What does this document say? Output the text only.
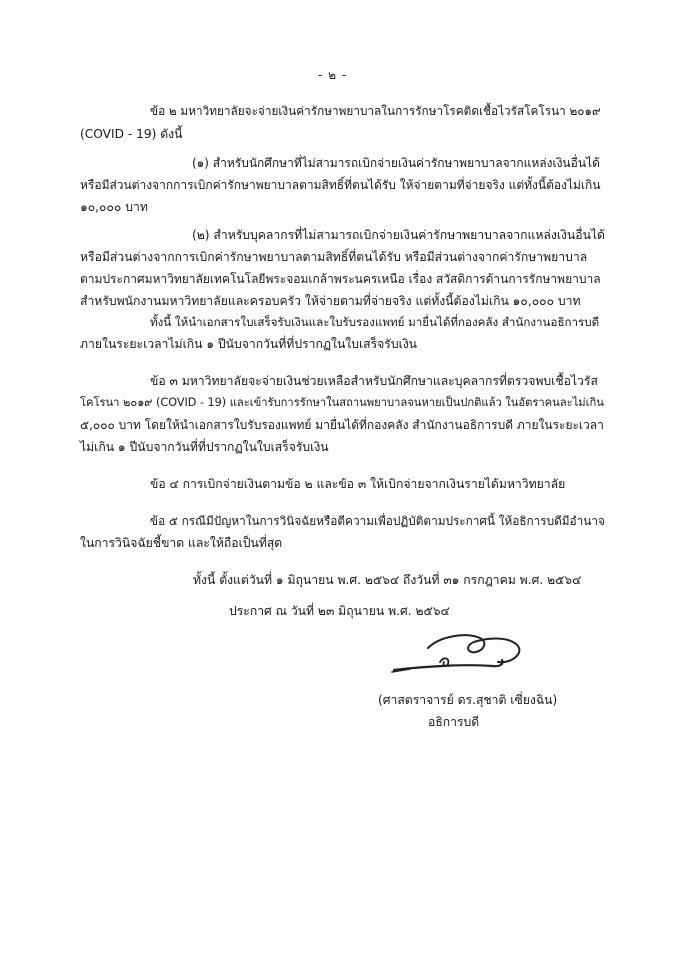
- ๒ -
ข้อ ๒ มหาวิทยาลัยจะจ่ายเงินค่ารักษาพยาบาลในการรักษาโรคติดเชื้อไวรัสโคโรนา ๒๐๑๙
(COVID - 19) ดังนี้
(๑) สำหรับนักศึกษาที่ไม่สามารถเบิกจ่ายเงินค่ารักษาพยาบาลจากแหล่งเงินอื่นได้
หรือมีส่วนต่างจากการเบิกค่ารักษาพยาบาลตามสิทธิ์ที่ตนได้รับ ให้จ่ายตามที่จ่ายจริง แต่ทั้งนี้ต้องไม่เกิน
๑๐,๐๐๐ บาท
(๒) สำหรับบุคลากรที่ไม่สามารถเบิกจ่ายเงินค่ารักษาพยาบาลจากแหล่งเงินอื่นได้
หรือมีส่วนต่างจากการเบิกค่ารักษาพยาบาลตามสิทธิ์ที่ตนได้รับ หรือมีส่วนต่างจากค่ารักษาพยาบาล
ตามประกาศมหาวิทยาลัยเทคโนโลยีพระจอมเกล้าพระนครเหนือ เรื่อง สวัสดิการด้านการรักษาพยาบาล
สำหรับพนักงานมหาวิทยาลัยและครอบครัว ให้จ่ายตามที่จ่ายจริง แต่ทั้งนี้ต้องไม่เกิน ๑๐,๐๐๐ บาท
ทั้งนี้ ให้นำเอกสารใบเสร็จรับเงินและใบรับรองแพทย์ มายื่นได้ที่กองคลัง สำนักงานอธิการบดี
ภายในระยะเวลาไม่เกิน ๑ ปีนับจากวันที่ที่ปรากฏในใบเสร็จรับเงิน
ข้อ ๓ มหาวิทยาลัยจะจ่ายเงินช่วยเหลือสำหรับนักศึกษาและบุคลากรที่ตรวจพบเชื้อไวรัส
โคโรนา ๒๐๑๙ (COVID - 19) และเข้ารับการรักษาในสถานพยาบาลจนหายเป็นปกติแล้ว ในอัตราคนละไม่เกิน
๕,๐๐๐ บาท โดยให้นำเอกสารใบรับรองแพทย์ มายื่นได้ที่กองคลัง สำนักงานอธิการบดี ภายในระยะเวลา
ไม่เกิน ๑ ปีนับจากวันที่ที่ปรากฏในใบเสร็จรับเงิน
ข้อ ๔ การเบิกจ่ายเงินตามข้อ ๒ และข้อ ๓ ให้เบิกจ่ายจากเงินรายได้มหาวิทยาลัย
ข้อ ๕ กรณีมีปัญหาในการวินิจฉัยหรือตีความเพื่อปฏิบัติตามประกาศนี้ ให้อธิการบดีมีอำนาจ
ในการวินิจฉัยชี้ขาด และให้ถือเป็นที่สุด
ทั้งนี้ ตั้งแต่วันที่ ๑ มิถุนายน พ.ศ. ๒๕๖๔ ถึงวันที่ ๓๑ กรกฎาคม พ.ศ. ๒๕๖๔
ประกาศ ณ วันที่ ๒๓ มิถุนายน พ.ศ. ๒๕๖๔
(ศาสตราจารย์ ดร.สุชาติ เซี่ยงฉิน)
อธิการบดี
